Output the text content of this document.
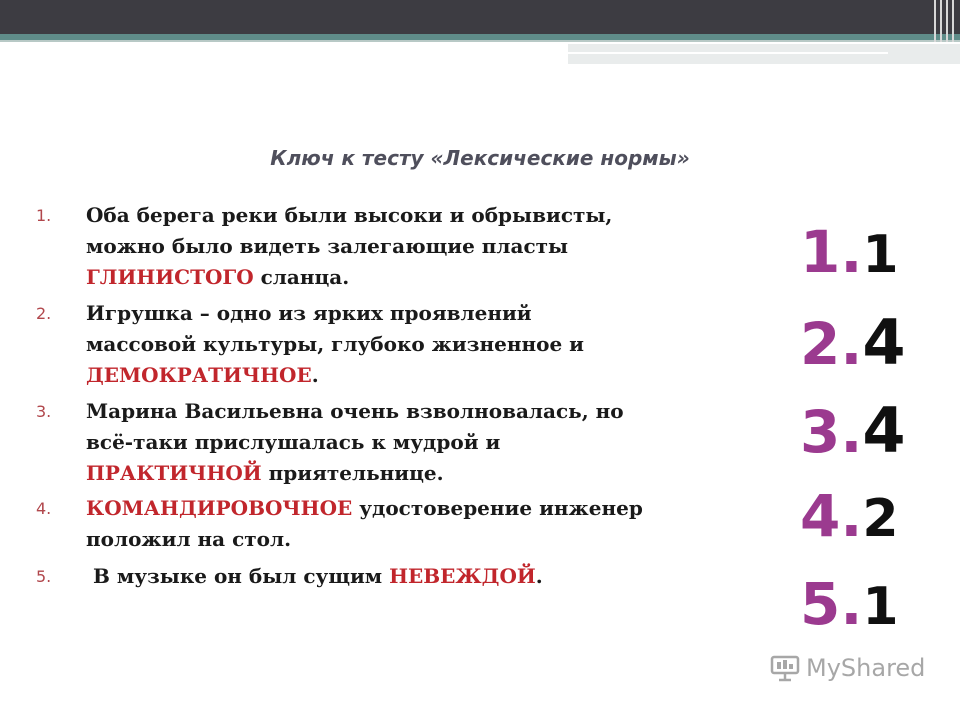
Ключ к тесту «Лексические нормы»
1. Оба берега реки были высоки и обрывисты,
можно было видеть залегающие пласты
ГЛИНИСТОГО сланца.
2. Игрушка – одно из ярких проявлений
массовой культуры, глубоко жизненное и
ДЕМОКРАТИЧНОЕ.
3. Марина Васильевна очень взволновалась, но
всё-таки прислушалась к мудрой и
ПРАКТИЧНОЙ приятельнице.
4. КОМАНДИРОВОЧНОЕ удостоверение инженер
положил на стол.
5.	В музыке он был сущим НЕВЕЖДОЙ.
1.1
2.4
3.4
4.2
5.1
MyShared
